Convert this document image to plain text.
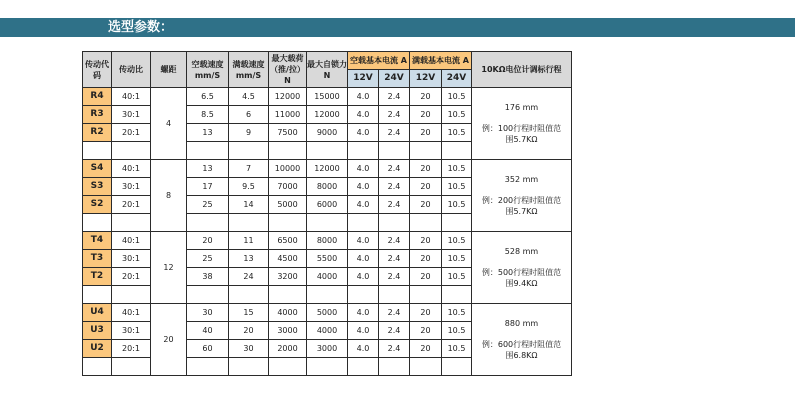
选型参数：
传动代码	传动比	螺距	空载速度mm/S	满载速度mm/S	最大载荷（推/拉）N	最大自锁力N	空载基本电流 A		满载基本电流 A		10KΩ电位计调标行程
							12V	24V	12V	24V	
R4	40:1	4	6.5	4.5	12000	15000	4.0	2.4	20	10.5	176 mm
例：100行程时阻值范围5.7KΩ

R3	30:1		8.5	6	11000	12000	4.0	2.4	20	10.5	
R2	20:1		13	9	7500	9000	4.0	2.4	20	10.5	

S4	40:1	8	13	7	10000	12000	4.0	2.4	20	10.5	352 mm
例：200行程时阻值范围5.7KΩ

S3	30:1		17	9.5	7000	8000	4.0	2.4	20	10.5	
S2	20:1		25	14	5000	6000	4.0	2.4	20	10.5	

T4	40:1	12	20	11	6500	8000	4.0	2.4	20	10.5	528 mm
例：500行程时阻值范围9.4KΩ

T3	30:1		25	13	4500	5500	4.0	2.4	20	10.5	
T2	20:1		38	24	3200	4000	4.0	2.4	20	10.5	

U4	40:1	20	30	15	4000	5000	4.0	2.4	20	10.5	880 mm
例：600行程时阻值范围6.8KΩ

U3	30:1		40	20	3000	4000	4.0	2.4	20	10.5	
U2	20:1		60	30	2000	3000	4.0	2.4	20	10.5	
